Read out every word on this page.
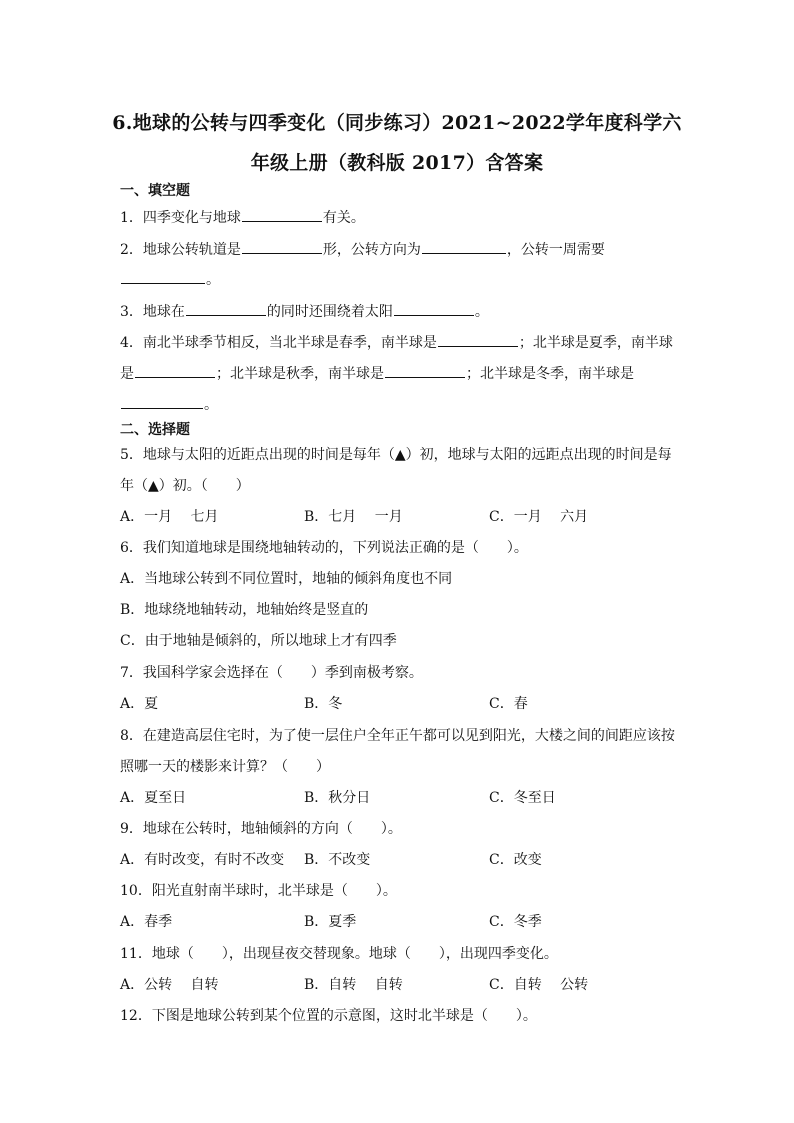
6.地球的公转与四季变化（同步练习）2021~2022学年度科学六
年级上册（教科版 2017）含答案
一、填空题
1．四季变化与地球	有关。
2．地球公转轨道是	形，公转方向为	，公转一周需要
。
3．地球在	的同时还围绕着太阳	。
4．南北半球季节相反，当北半球是春季，南半球是	；北半球是夏季，南半球
是	；北半球是秋季，南半球是	；北半球是冬季，南半球是
。
二、选择题
5．地球与太阳的近距点出现的时间是每年（▲）初，地球与太阳的远距点出现的时间是每
年（▲）初。（　　）
A．一月　 七月	B．七月　 一月	C．一月　 六月
6．我们知道地球是围绕地轴转动的，下列说法正确的是（　　）。
A．当地球公转到不同位置时，地轴的倾斜角度也不同
B．地球绕地轴转动，地轴始终是竖直的
C．由于地轴是倾斜的，所以地球上才有四季
7．我国科学家会选择在（　　）季到南极考察。
A．夏	B．冬	C．春
8．在建造高层住宅时，为了使一层住户全年正午都可以见到阳光，大楼之间的间距应该按
照哪一天的楼影来计算？（　　）
A．夏至日	B．秋分日	C．冬至日
9．地球在公转时，地轴倾斜的方向（　　）。
A．有时改变，有时不改变 B．不改变	C．改变
10．阳光直射南半球时，北半球是（　　）。
A．春季	B．夏季	C．冬季
11．地球（　　），出现昼夜交替现象。地球（　　），出现四季变化。
A．公转　 自转	B．自转　 自转	C．自转　 公转
12．下图是地球公转到某个位置的示意图，这时北半球是（　　）。
